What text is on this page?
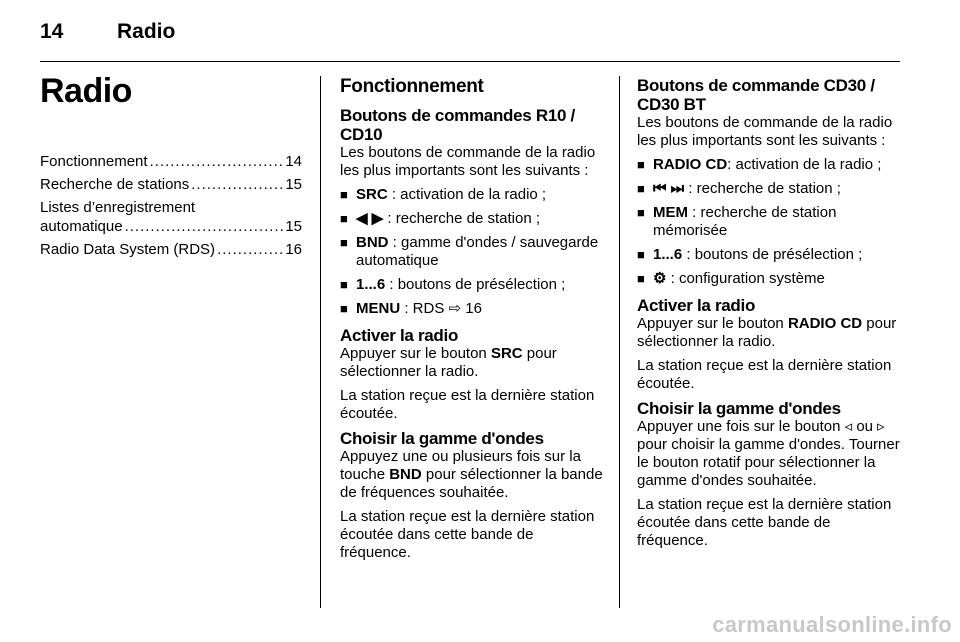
14	Radio
Radio
Fonctionnement .....	14
Recherche de stations .....	15
Listes d’enregistrement
automatique .....	15
Radio Data System (RDS) .....	16
Fonctionnement
Boutons de commandes R10 / CD10

Les boutons de commande de la radio les plus importants sont les suivants :

■ SRC : activation de la radio ;
■ ◀ ▶ : recherche de station ;
■ BND : gamme d'ondes / sauvegarde automatique
■ 1...6 : boutons de présélection ;
■ MENU : RDS ⇨ 16
Activer la radio

Appuyer sur le bouton SRC pour sélectionner la radio.

La station reçue est la dernière station écoutée.

Choisir la gamme d'ondes

Appuyez une ou plusieurs fois sur la touche BND pour sélectionner la bande de fréquences souhaitée.

La station reçue est la dernière station écoutée dans cette bande de fréquence.

Boutons de commande CD30 / CD30 BT

Les boutons de commande de la radio les plus importants sont les suivants :

■ RADIO CD: activation de la radio ;
■ ⏮ ⏭ : recherche de station ;
■ MEM : recherche de station mémorisée
■ 1...6 : boutons de présélection ;
■ ⚙ : configuration système
Activer la radio

Appuyer sur le bouton RADIO CD pour sélectionner la radio.

La station reçue est la dernière station écoutée.

Choisir la gamme d'ondes

Appuyer une fois sur le bouton ◃ ou ▹ pour choisir la gamme d'ondes. Tourner le bouton rotatif pour sélectionner la gamme d'ondes souhaitée.

La station reçue est la dernière station écoutée dans cette bande de fréquence.

carmanualsonline.info
